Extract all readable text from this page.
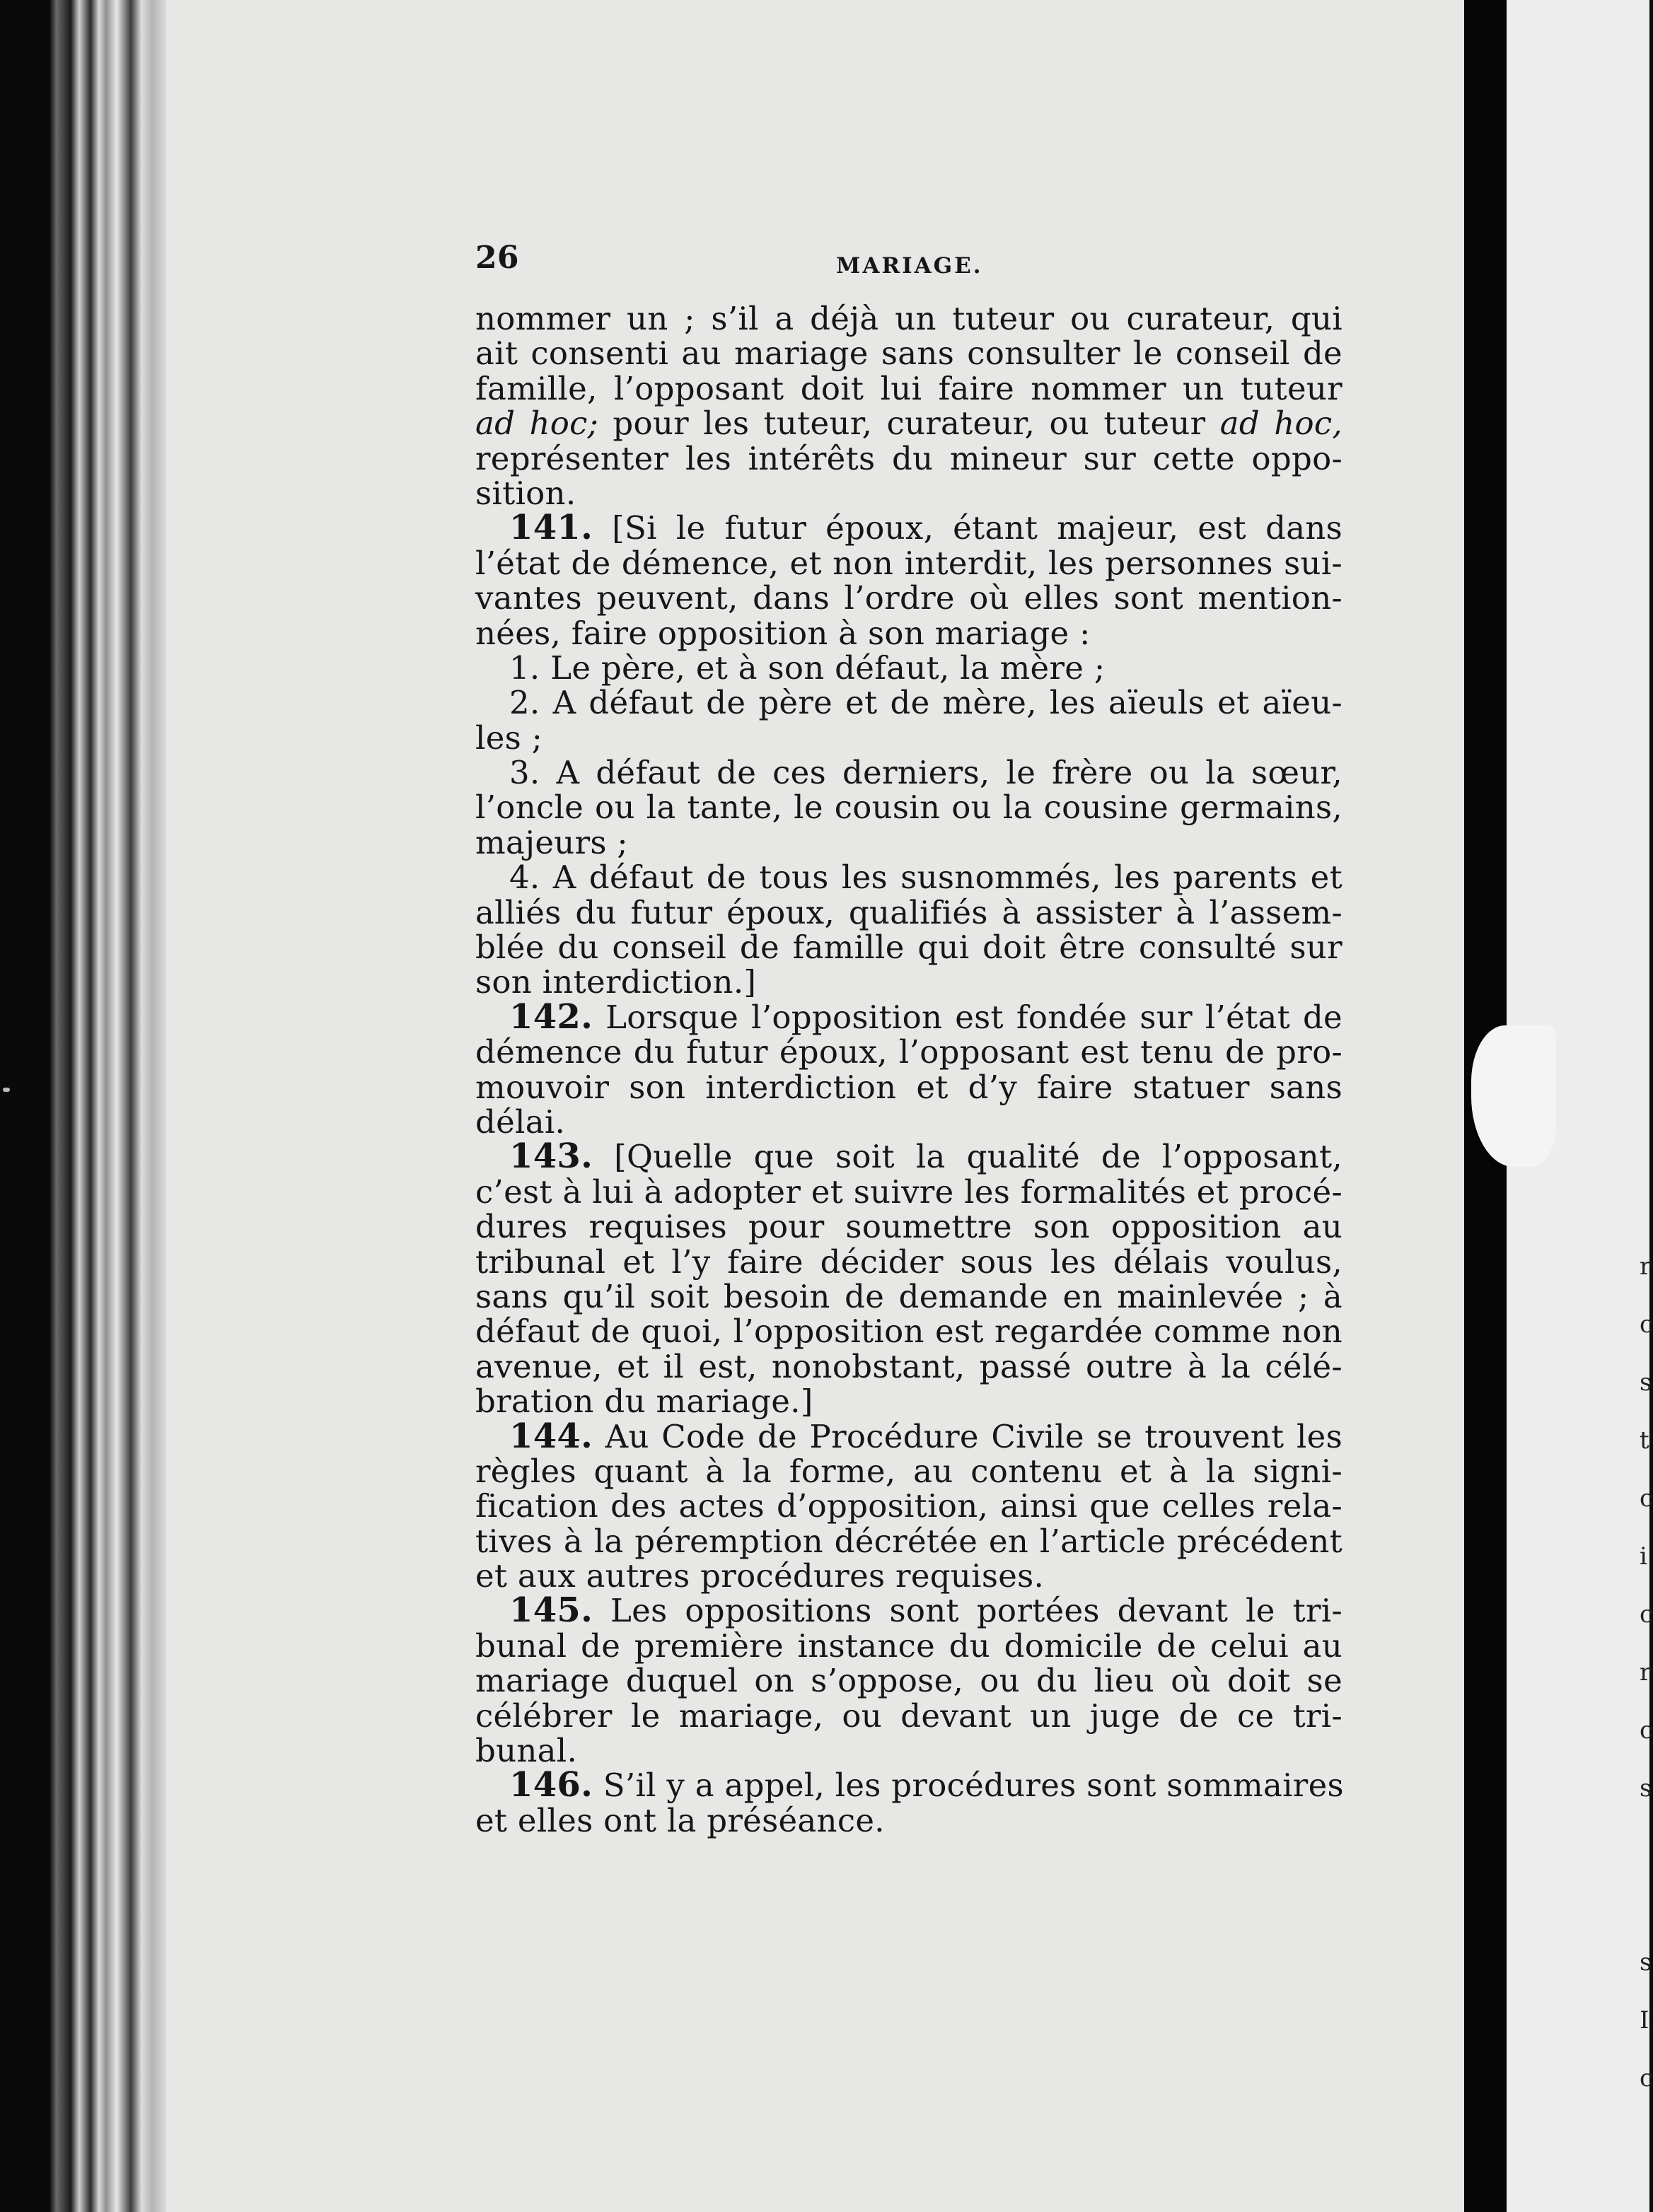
26	MARIAGE.
nommer un ; s’il a déjà un tuteur ou curateur, qui
ait consenti au mariage sans consulter le conseil de
famille, l’opposant doit lui faire nommer un tuteur
ad hoc; pour les tuteur, curateur, ou tuteur ad hoc,
représenter les intérêts du mineur sur cette oppo-
sition.
141. [Si le futur époux, étant majeur, est dans
l’état de démence, et non interdit, les personnes sui-
vantes peuvent, dans l’ordre où elles sont mention-
nées, faire opposition à son mariage :
1. Le père, et à son défaut, la mère ;
2. A défaut de père et de mère, les aïeuls et aïeu-
les ;
3. A défaut de ces derniers, le frère ou la sœur,
l’oncle ou la tante, le cousin ou la cousine germains,
majeurs ;
4. A défaut de tous les susnommés, les parents et
alliés du futur époux, qualifiés à assister à l’assem-
blée du conseil de famille qui doit être consulté sur
son interdiction.]
142. Lorsque l’opposition est fondée sur l’état de
démence du futur époux, l’opposant est tenu de pro-
mouvoir son interdiction et d’y faire statuer sans
délai.
143. [Quelle que soit la qualité de l’opposant,
c’est à lui à adopter et suivre les formalités et procé-
dures requises pour soumettre son opposition au
tribunal et l’y faire décider sous les délais voulus,
sans qu’il soit besoin de demande en mainlevée ; à
défaut de quoi, l’opposition est regardée comme non
avenue, et il est, nonobstant, passé outre à la célé-
bration du mariage.]
144. Au Code de Procédure Civile se trouvent les
règles quant à la forme, au contenu et à la signi-
fication des actes d’opposition, ainsi que celles rela-
tives à la péremption décrétée en l’article précédent
et aux autres procédures requises.
145. Les oppositions sont portées devant le tri-
bunal de première instance du domicile de celui au
mariage duquel on s’oppose, ou du lieu où doit se
célébrer le mariage, ou devant un juge de ce tri-
bunal.
146. S’il y a appel, les procédures sont sommaires
et elles ont la préséance.
r
c
s
t
c
i
c
r
c
s

s
I
c
